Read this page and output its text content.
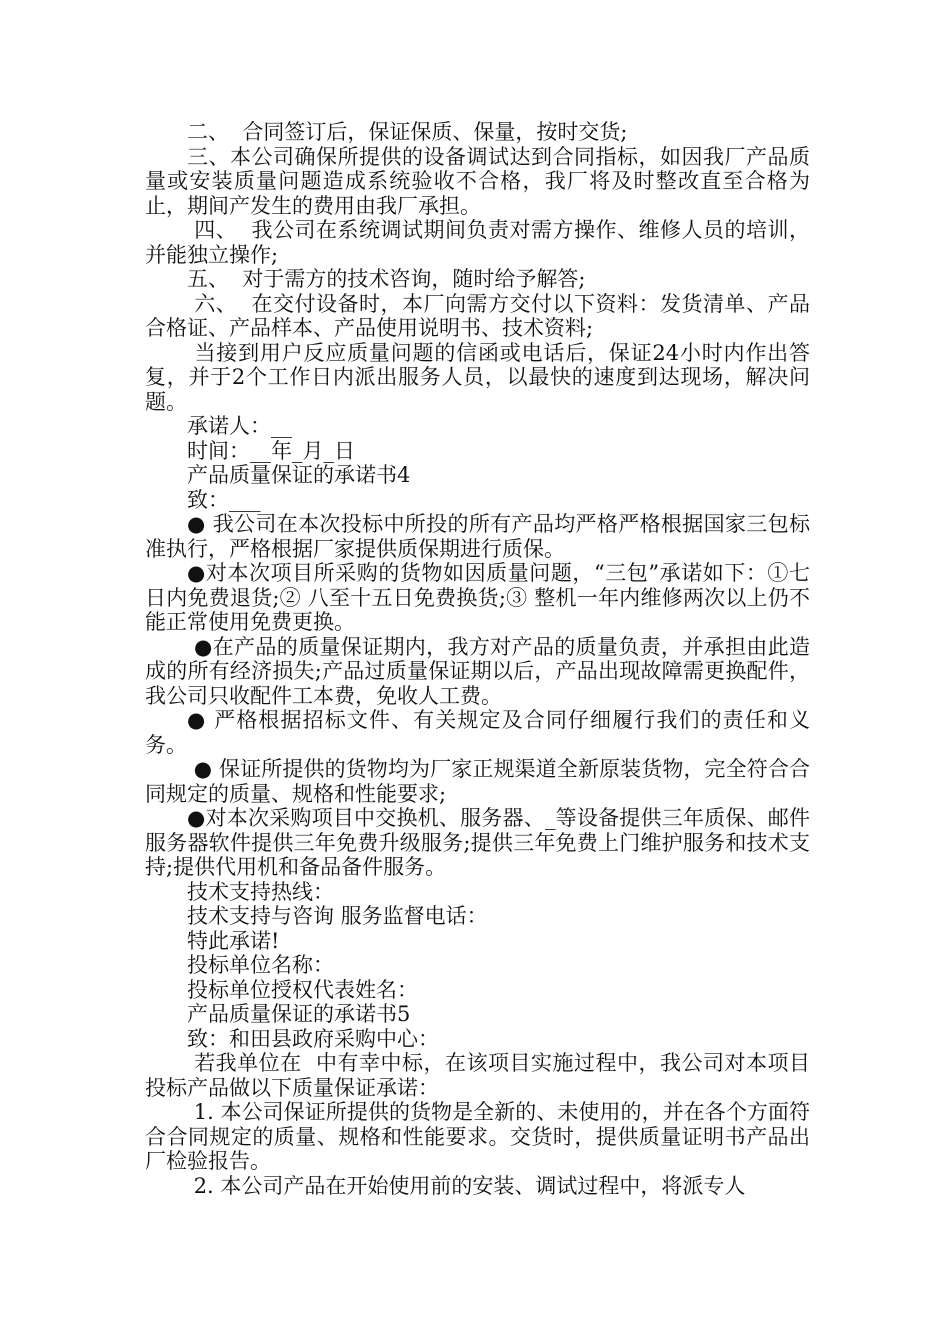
二、  合同签订后，保证保质、保量，按时交货;

三、本公司确保所提供的设备调试达到合同指标，如因我厂产品质量或安装质量问题造成系统验收不合格，我厂将及时整改直至合格为止，期间产发生的费用由我厂承担。

四、  我公司在系统调试期间负责对需方操作、维修人员的培训，并能独立操作;

五、  对于需方的技术咨询，随时给予解答;

六、  在交付设备时，本厂向需方交付以下资料：发货清单、产品合格证、产品样本、产品使用说明书、技术资料;

当接到用户反应质量问题的信函或电话后，保证24小时内作出答复，并于2个工作日内派出服务人员，以最快的速度到达现场，解决问题。

承诺人：__

时间：__年_月_日

产品质量保证的承诺书4

致：___

● 我公司在本次投标中所投的所有产品均严格严格根据国家三包标准执行，严格根据厂家提供质保期进行质保。

●对本次项目所采购的货物如因质量问题，“三包”承诺如下：①七日内免费退货;② 八至十五日免费换货;③ 整机一年内维修两次以上仍不能正常使用免费更换。

●在产品的质量保证期内，我方对产品的质量负责，并承担由此造成的所有经济损失;产品过质量保证期以后，产品出现故障需更换配件，我公司只收配件工本费，免收人工费。

● 严格根据招标文件、有关规定及合同仔细履行我们的责任和义务。

● 保证所提供的货物均为厂家正规渠道全新原装货物，完全符合合同规定的质量、规格和性能要求;

●对本次采购项目中交换机、服务器、_等设备提供三年质保、邮件服务器软件提供三年免费升级服务;提供三年免费上门维护服务和技术支持;提供代用机和备品备件服务。

技术支持热线：

技术支持与咨询 服务监督电话：

特此承诺!

投标单位名称：

投标单位授权代表姓名：

产品质量保证的承诺书5

致：和田县政府采购中心：

若我单位在  中有幸中标，在该项目实施过程中，我公司对本项目投标产品做以下质量保证承诺：

1. 本公司保证所提供的货物是全新的、未使用的，并在各个方面符合合同规定的质量、规格和性能要求。交货时，提供质量证明书产品出厂检验报告。

2. 本公司产品在开始使用前的安装、调试过程中，将派专人
